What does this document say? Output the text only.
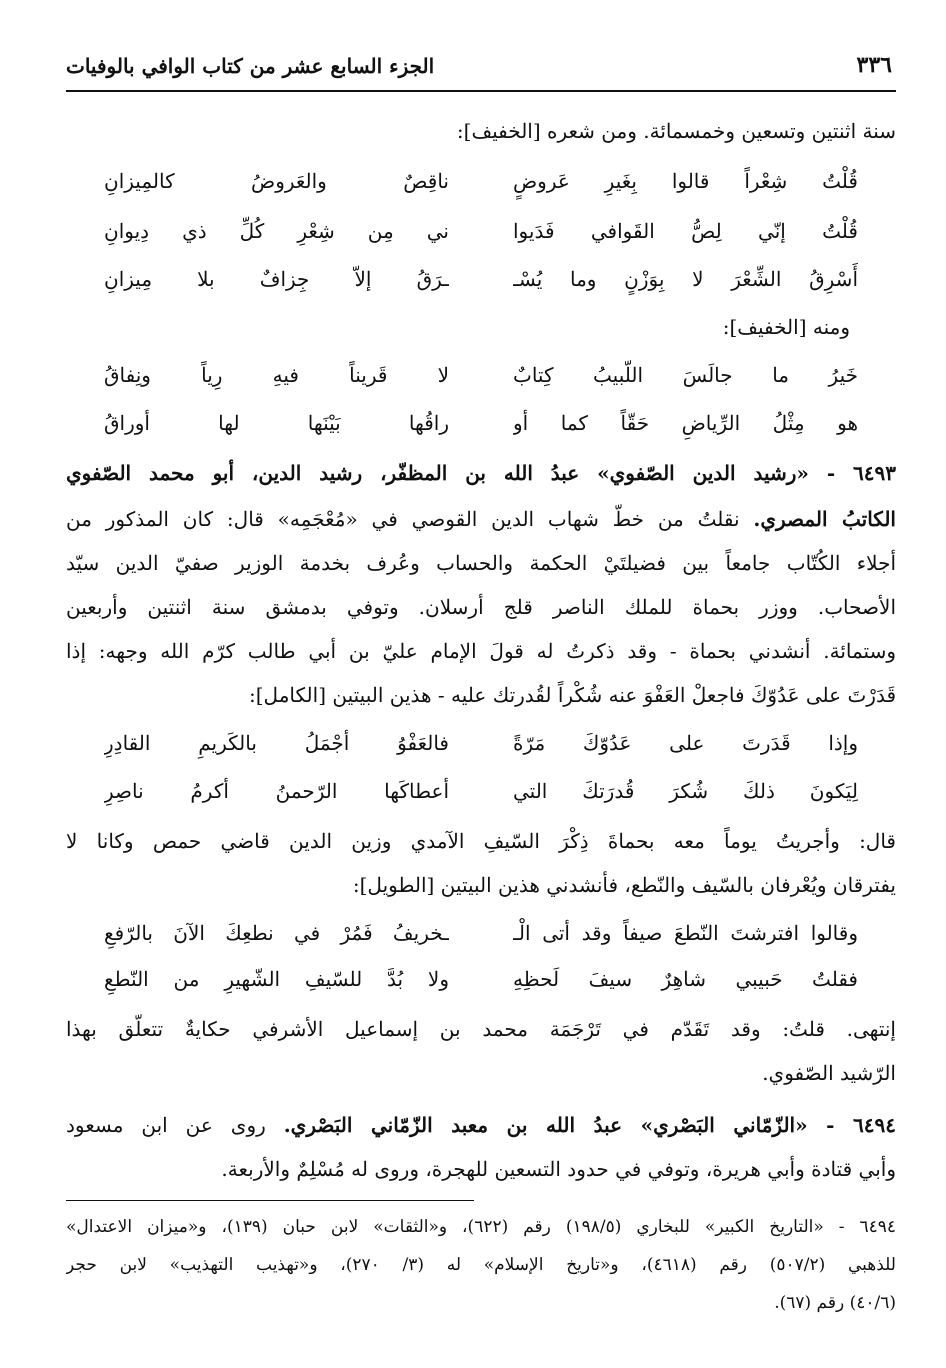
٣٣٦
الجزء السابع عشر من كتاب الوافي بالوفيات
سنة اثنتين وتسعين وخمسمائة. ومن شعره [الخفيف]:
قُلْتُ شِعْراً قالوا بِغَيرِ عَروضٍ
ناقِصٌ والعَروضُ كالمِيزانِ
قُلْتُ إنّي لِصُّ القَوافي فَدَيوا
ني مِن شِعْرِ كُلِّ ذي دِيوانِ
أَسْرِقُ الشِّعْرَ لا بِوَزْنٍ وما يُسْـ
ـرَقُ إلاّ جِزافٌ بلا مِيزانِ
ومنه [الخفيف]:
خَيرُ ما جالَسَ اللّبيبُ كِتابٌ
لا قَريناً فيهِ رِياً ونِفاقُ
هو مِثْلُ الرِّياضِ حَقّاً كما أو
راقُها بَيْنَها لها أوراقُ
٦٤٩٣ - «رشيد الدين الصّفوي» عبدُ الله بن المظفّر، رشيد الدين، أبو محمد الصّفوي
الكاتبُ المصري. نقلتُ من خطّ شهاب الدين القوصي في «مُعْجَمِه» قال: كان المذكور من
أجلاء الكُتّاب جامعاً بين فضيلتَيْ الحكمة والحساب وعُرف بخدمة الوزير صفيّ الدين سيّد
الأصحاب. ووزر بحماة للملك الناصر قلج أرسلان. وتوفي بدمشق سنة اثنتين وأربعين
وستمائة. أنشدني بحماة - وقد ذكرتُ له قولَ الإمام عليّ بن أبي طالب كرّم الله وجهه: إذا
قَدَرْتَ على عَدُوّكَ فاجعلْ العَفْوَ عنه شُكْراً لقُدرتك عليه - هذين البيتين [الكامل]:
وإذا قَدَرتَ على عَدُوّكَ مَرّةً
فالعَفْوُ أجْمَلُ بالكَريمِ القادِرِ
لِيَكونَ ذلكَ شُكرَ قُدرَتكَ التي
أعطاكَها الرّحمنُ أكرمُ ناصِرِ
قال: وأجريتُ يوماً معه بحماةَ ذِكْرَ السّيفِ الآمدي وزين الدين قاضي حمص وكانا لا
يفترقان ويُعْرفان بالسّيف والنّطع، فأنشدني هذين البيتين [الطويل]:
وقالوا افترشتَ النّطعَ صيفاً وقد أتى الْـ
ـخريفُ فَمُرْ في نطعِكَ الآنَ بالرّفعِ
فقلتُ حَبيبي شاهِرٌ سيفَ لَحظِهِ
ولا بُدَّ للسّيفِ الشّهيرِ من النّطعِ
إنتهى. قلتُ: وقد تَقَدّم في تَرْجَمَة محمد بن إسماعيل الأشرفي حكايةٌ تتعلّق بهذا
الرّشيد الصّفوي.
٦٤٩٤ - «الزّمّاني البَصْري» عبدُ الله بن معبد الزّمّاني البَصْري. روى عن ابن مسعود
وأبي قتادة وأبي هريرة، وتوفي في حدود التسعين للهجرة، وروى له مُسْلِمٌ والأربعة.
٦٤٩٤ - «التاريخ الكبير» للبخاري (١٩٨/٥) رقم (٦٢٢)، و«الثقات» لابن حبان (١٣٩)، و«ميزان الاعتدال»
للذهبي (٥٠٧/٢) رقم (٤٦١٨)، و«تاريخ الإسلام» له (٣/ ٢٧٠)، و«تهذيب التهذيب» لابن حجر
(٤٠/٦) رقم (٦٧).
